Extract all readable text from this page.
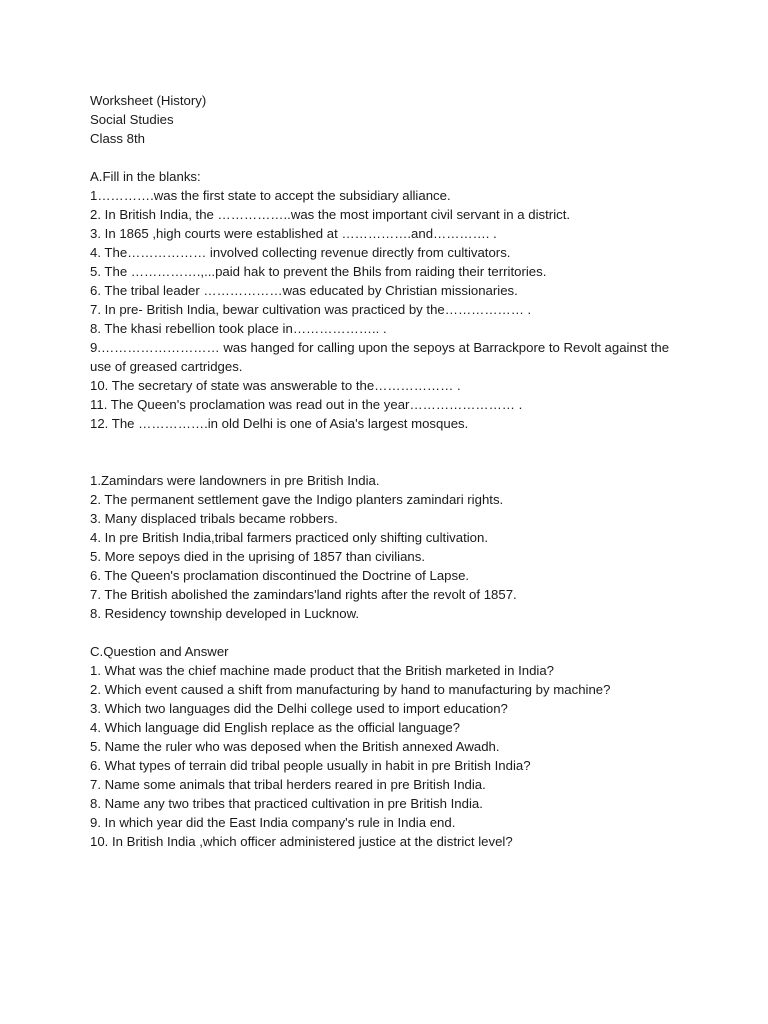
Worksheet (History)
Social Studies
Class 8th
A.Fill in the blanks:
1………….was the first state to accept the subsidiary alliance.
2. In British India, the ……………..was the most important civil servant in a district.
3. In 1865 ,high courts were established at …………….and…………. .
4. The……………… involved collecting revenue directly from cultivators.
5. The …………….,...paid hak to prevent the Bhils from raiding their territories.
6. The tribal leader ………………was educated by Christian missionaries.
7. In pre- British India, bewar cultivation was practiced by the……………… .
8. The khasi rebellion took place in……………….. .
9.……………………… was hanged for calling upon the sepoys at Barrackpore to Revolt against the use of greased cartridges.
10. The secretary of state was answerable to the……………… .
11. The Queen's proclamation was read out in the year…………………… .
12. The …………….in old Delhi is one of Asia's largest mosques.
1.Zamindars were landowners in pre British India.
2. The permanent settlement gave the Indigo planters zamindari rights.
3. Many displaced tribals became robbers.
4. In pre British India,tribal farmers practiced only shifting cultivation.
5. More sepoys died in the uprising of 1857 than civilians.
6. The Queen's proclamation discontinued the Doctrine of Lapse.
7. The British abolished the zamindars'land rights after the revolt of 1857.
8. Residency township developed in Lucknow.
C.Question and Answer
1. What was the chief machine made product that the British marketed in India?
2. Which event caused a shift from manufacturing by hand to manufacturing by machine?
3. Which two languages did the Delhi college used to import education?
4. Which language did English replace as the official language?
5. Name the ruler who was deposed when the British annexed Awadh.
6. What types of terrain did tribal people usually in habit in pre British India?
7. Name some animals that tribal herders reared in pre British India.
8. Name any two tribes that practiced cultivation in pre British India.
9. In which year did the East India company's rule in India end.
10. In British India ,which officer administered justice at the district level?
